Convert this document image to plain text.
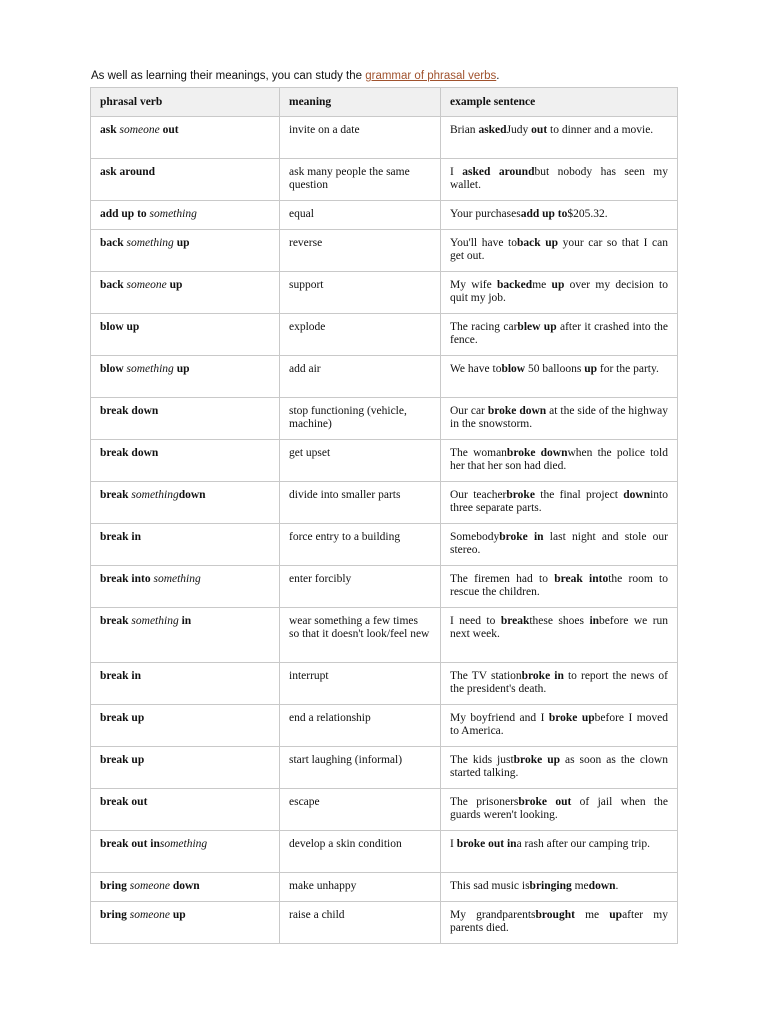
As well as learning their meanings, you can study the grammar of phrasal verbs.
phrasal verb	meaning	example sentence
ask someone out	invite on a date	Brian askedJudy out to dinner and a movie.
ask around	ask many people the same question	I asked aroundbut nobody has seen my wallet.
add up to something	equal	Your purchasesadd up to$205.32.
back something up	reverse	You'll have toback up your car so that I can get out.
back someone up	support	My wife backedme up over my decision to quit my job.
blow up	explode	The racing carblew up after it crashed into the fence.
blow something up	add air	We have toblow 50 balloons up for the party.
break down	stop functioning (vehicle, machine)	Our car broke down at the side of the highway in the snowstorm.
break down	get upset	The womanbroke downwhen the police told her that her son had died.
break somethingdown	divide into smaller parts	Our teacherbroke the final project downinto three separate parts.
break in	force entry to a building	Somebodybroke in last night and stole our stereo.
break into something	enter forcibly	The firemen had to break intothe room to rescue the children.
break something in	wear something a few times so that it doesn't look/feel new	I need to breakthese shoes inbefore we run next week.
break in	interrupt	The TV stationbroke in to report the news of the president's death.
break up	end a relationship	My boyfriend and I broke upbefore I moved to America.
break up	start laughing (informal)	The kids justbroke up as soon as the clown started talking.
break out	escape	The prisonersbroke out of jail when the guards weren't looking.
break out insomething	develop a skin condition	I broke out ina rash after our camping trip.
bring someone down	make unhappy	This sad music isbringing medown.
bring someone up	raise a child	My grandparentsbrought me upafter my parents died.
